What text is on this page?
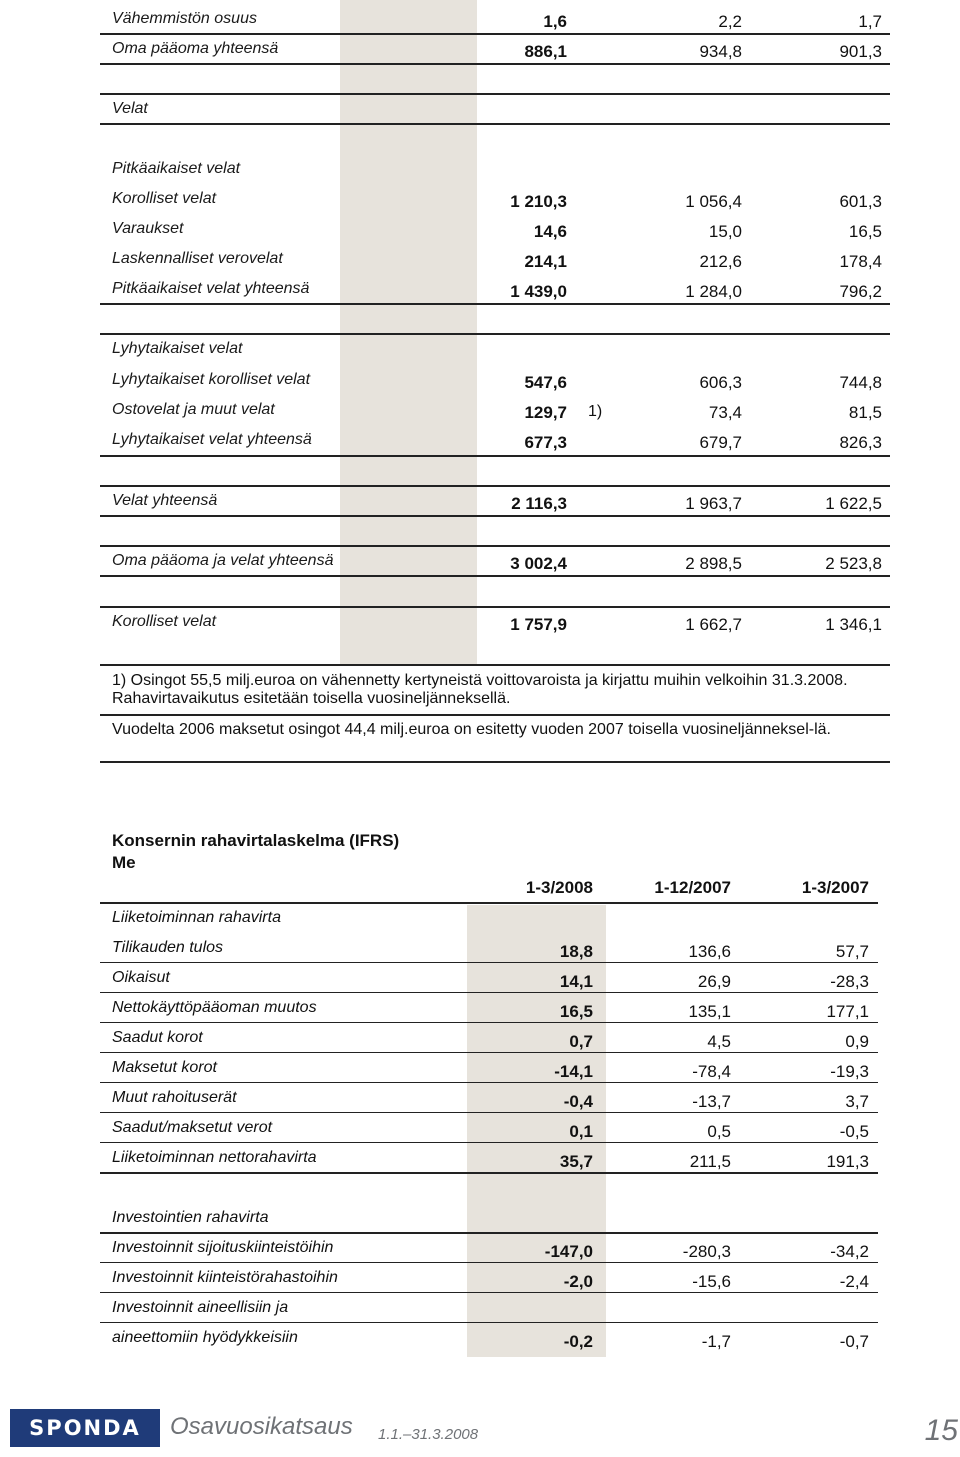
Vähemmistön osuus	1,6	2,2	1,7
Oma pääoma yhteensä	886,1	934,8	901,3
Velat
Pitkäaikaiset velat
Korolliset velat	1 210,3	1 056,4	601,3
Varaukset	14,6	15,0	16,5
Laskennalliset verovelat	214,1	212,6	178,4
Pitkäaikaiset velat yhteensä	1 439,0	1 284,0	796,2
Lyhytaikaiset velat
Lyhytaikaiset korolliset velat	547,6	606,3	744,8
Ostovelat ja muut velat	129,7 1)	73,4	81,5
Lyhytaikaiset velat yhteensä	677,3	679,7	826,3
Velat yhteensä	2 116,3	1 963,7	1 622,5
Oma pääoma ja velat yhteensä	3 002,4	2 898,5	2 523,8
Korolliset velat	1 757,9	1 662,7	1 346,1
1) Osingot 55,5 milj.euroa on vähennetty kertyneistä voittovaroista ja kirjattu muihin velkoihin 31.3.2008. Rahavirtavaikutus esitetään toisella vuosineljänneksellä.
Vuodelta 2006 maksetut osingot 44,4 milj.euroa on esitetty vuoden 2007 toisella vuosineljänneksel-lä.
Konsernin rahavirtalaskelma (IFRS)
Me
1-3/2008	1-12/2007	1-3/2007
Liiketoiminnan rahavirta
Tilikauden tulos	18,8	136,6	57,7
Oikaisut	14,1	26,9	-28,3
Nettokäyttöpääoman muutos	16,5	135,1	177,1
Saadut korot	0,7	4,5	0,9
Maksetut korot	-14,1	-78,4	-19,3
Muut rahoituserät	-0,4	-13,7	3,7
Saadut/maksetut verot	0,1	0,5	-0,5
Liiketoiminnan nettorahavirta	35,7	211,5	191,3
Investointien rahavirta
Investoinnit sijoituskiinteistöihin	-147,0	-280,3	-34,2
Investoinnit kiinteistörahastoihin	-2,0	-15,6	-2,4
Investoinnit aineellisiin ja
aineettomiin hyödykkeisiin	-0,2	-1,7	-0,7
SPONDA	Osavuosikatsaus 1.1.–31.3.2008	15
